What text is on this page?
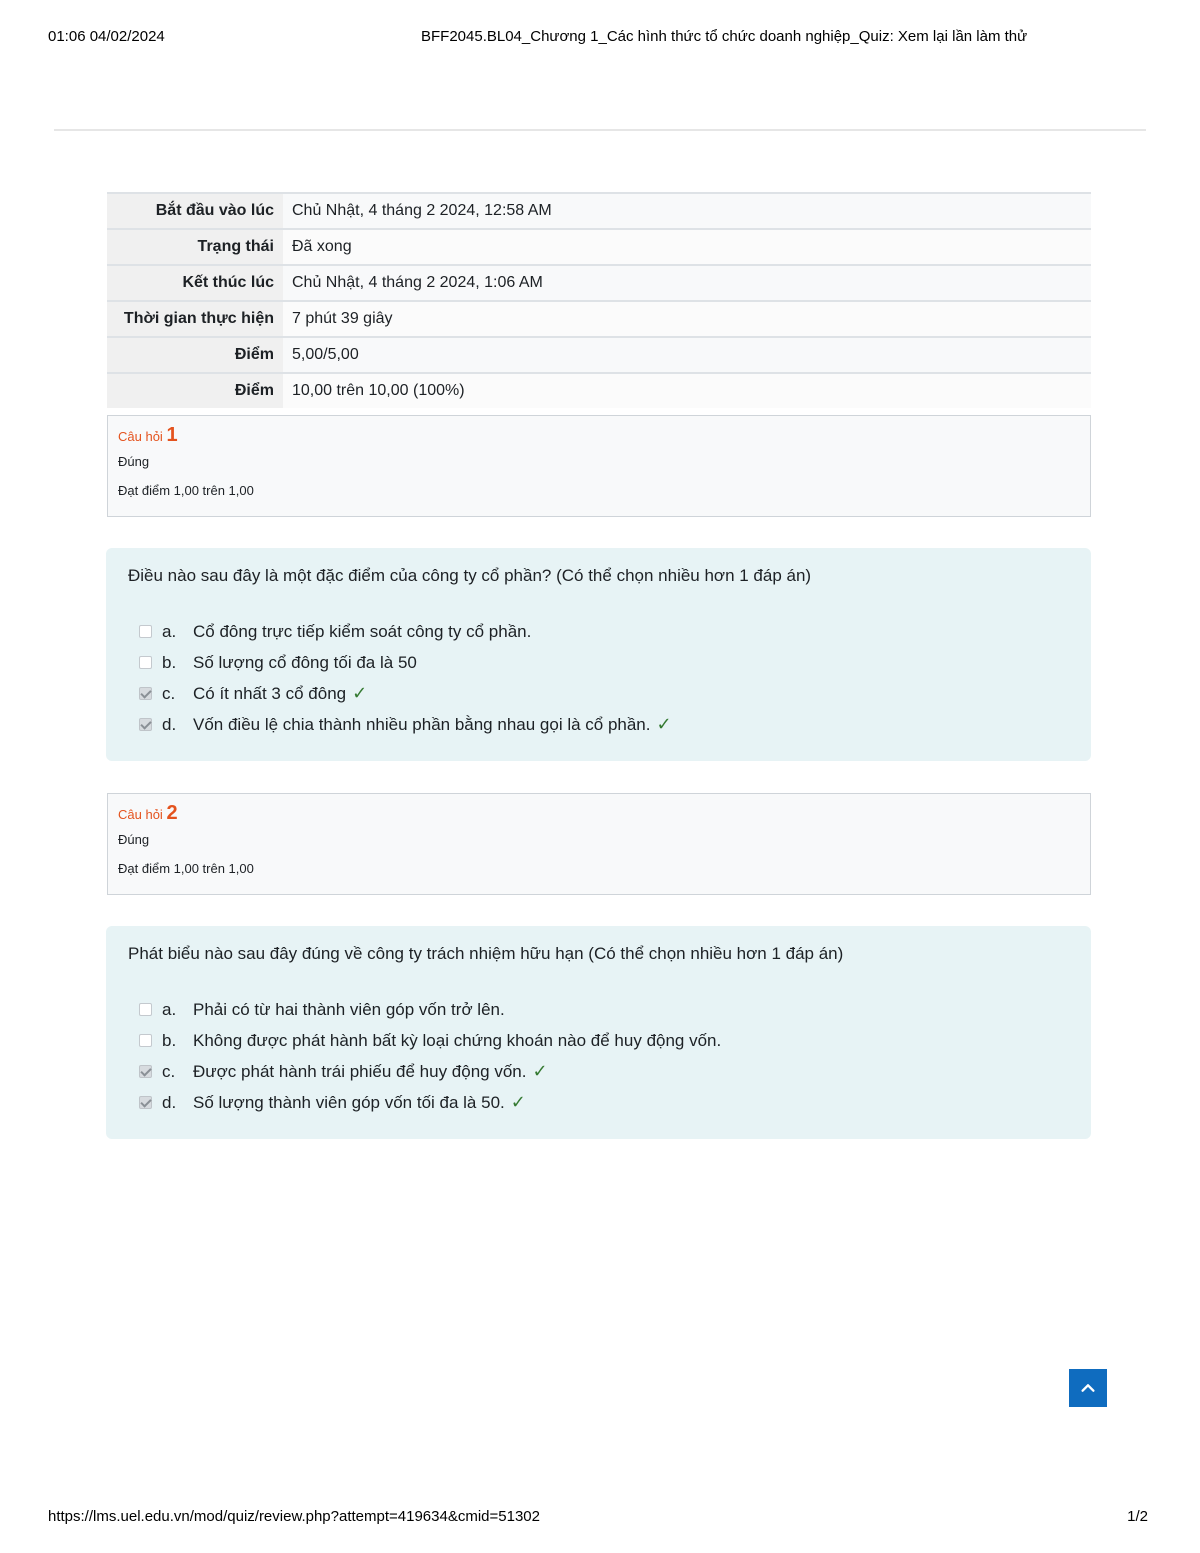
01:06 04/02/2024	BFF2045.BL04_Chương 1_Các hình thức tổ chức doanh nghiệp_Quiz: Xem lại lần làm thử
Bắt đầu vào lúc	Chủ Nhật, 4 tháng 2 2024, 12:58 AM
Trạng thái	Đã xong
Kết thúc lúc	Chủ Nhật, 4 tháng 2 2024, 1:06 AM
Thời gian thực hiện	7 phút 39 giây
Điểm	5,00/5,00
Điểm	10,00 trên 10,00 (100%)
Câu hỏi 1
Đúng
Đạt điểm 1,00 trên 1,00
Điều nào sau đây là một đặc điểm của công ty cổ phần? (Có thể chọn nhiều hơn 1 đáp án)
a. Cổ đông trực tiếp kiểm soát công ty cổ phần.
b. Số lượng cổ đông tối đa là 50
c.	Có ít nhất 3 cổ đông ✓
d. Vốn điều lệ chia thành nhiều phần bằng nhau gọi là cổ phần. ✓
Câu hỏi 2
Đúng
Đạt điểm 1,00 trên 1,00
Phát biểu nào sau đây đúng về công ty trách nhiệm hữu hạn (Có thể chọn nhiều hơn 1 đáp án)
a. Phải có từ hai thành viên góp vốn trở lên.
b. Không được phát hành bất kỳ loại chứng khoán nào để huy động vốn.
c.	Được phát hành trái phiếu để huy động vốn. ✓
d. Số lượng thành viên góp vốn tối đa là 50. ✓
https://lms.uel.edu.vn/mod/quiz/review.php?attempt=419634&cmid=51302	1/2
